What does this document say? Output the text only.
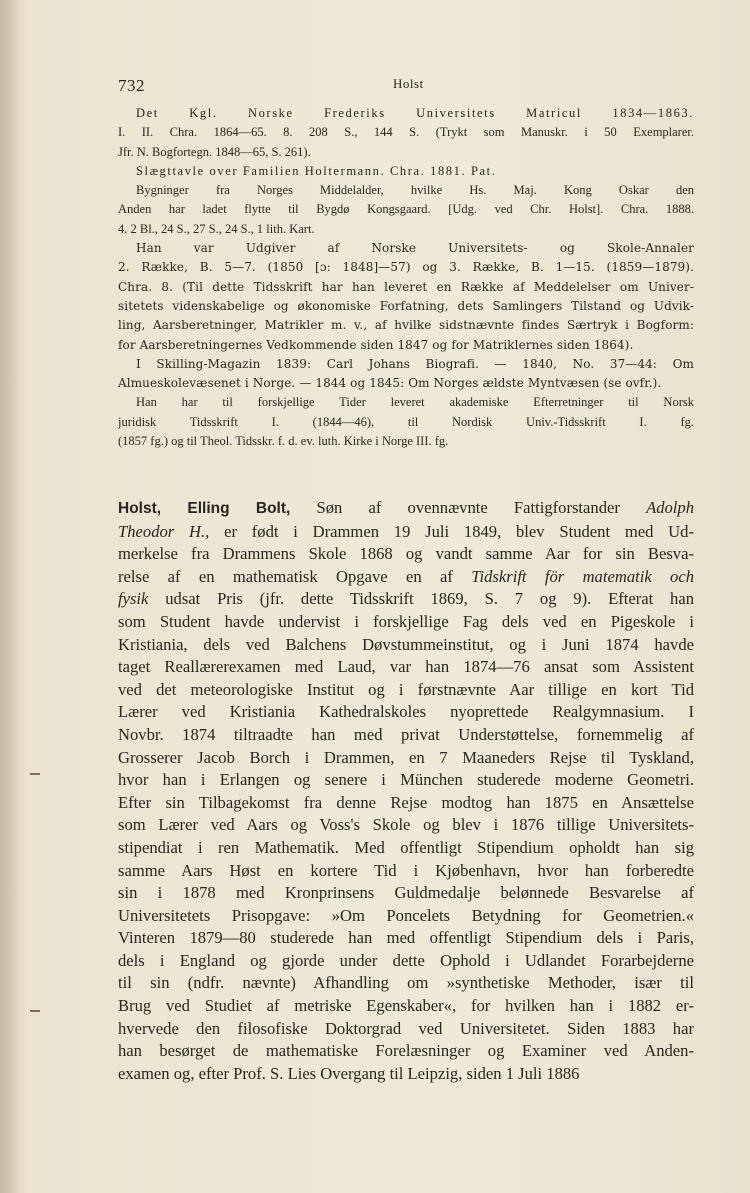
732	Holst
Det Kgl. Norske Frederiks Universitets Matricul 1834—1863.
I. II. Chra. 1864—65. 8. 208 S., 144 S. (Trykt som Manuskr. i 50 Exemplarer.
Jfr. N. Bogfortegn. 1848—65, S. 261).
Slægttavle over Familien Holtermann. Chra. 1881. Pat.
Bygninger fra Norges Middelalder, hvilke Hs. Maj. Kong Oskar den
Anden har ladet flytte til Bygdø Kongsgaard. [Udg. ved Chr. Holst]. Chra. 1888.
4. 2 Bl., 24 S., 27 S., 24 S., 1 lith. Kart.
Han var Udgiver af Norske Universitets- og Skole-Annaler
2. Række, B. 5—7. (1850 [ɔ: 1848]—57) og 3. Række, B. 1—15. (1859—1879).
Chra. 8. (Til dette Tidsskrift har han leveret en Række af Meddelelser om Univer-
sitetets videnskabelige og økonomiske Forfatning, dets Samlingers Tilstand og Udvik-
ling, Aarsberetninger, Matrikler m. v., af hvilke sidstnævnte findes Særtryk i Bogform:
for Aarsberetningernes Vedkommende siden 1847 og for Matriklernes siden 1864).
I Skilling-Magazin 1839: Carl Johans Biografi. — 1840, No. 37—44: Om
Almueskolevæsenet i Norge. — 1844 og 1845: Om Norges ældste Myntvæsen (se ovfr.).
Han har til forskjellige Tider leveret akademiske Efterretninger til Norsk
juridisk Tidsskrift I. (1844—46), til Nordisk Univ.-Tidsskrift I. fg.
(1857 fg.) og til Theol. Tidsskr. f. d. ev. luth. Kirke i Norge III. fg.
Holst, Elling Bolt, Søn af ovennævnte Fattigforstander Adolph
Theodor H., er født i Drammen 19 Juli 1849, blev Student med Ud-
merkelse fra Drammens Skole 1868 og vandt samme Aar for sin Besva-
relse af en mathematisk Opgave en af Tidskrift för matematik och
fysik udsat Pris (jfr. dette Tidsskrift 1869, S. 7 og 9). Efterat han
som Student havde undervist i forskjellige Fag dels ved en Pigeskole i
Kristiania, dels ved Balchens Døvstummeinstitut, og i Juni 1874 havde
taget Reallærerexamen med Laud, var han 1874—76 ansat som Assistent
ved det meteorologiske Institut og i førstnævnte Aar tillige en kort Tid
Lærer ved Kristiania Kathedralskoles nyoprettede Realgymnasium. I
Novbr. 1874 tiltraadte han med privat Understøttelse, fornemmelig af
Grosserer Jacob Borch i Drammen, en 7 Maaneders Rejse til Tyskland,
hvor han i Erlangen og senere i München studerede moderne Geometri.
Efter sin Tilbagekomst fra denne Rejse modtog han 1875 en Ansættelse
som Lærer ved Aars og Voss's Skole og blev i 1876 tillige Universitets-
stipendiat i ren Mathematik. Med offentligt Stipendium opholdt han sig
samme Aars Høst en kortere Tid i Kjøbenhavn, hvor han forberedte
sin i 1878 med Kronprinsens Guldmedalje belønnede Besvarelse af
Universitetets Prisopgave: »Om Poncelets Betydning for Geometrien.«
Vinteren 1879—80 studerede han med offentligt Stipendium dels i Paris,
dels i England og gjorde under dette Ophold i Udlandet Forarbejderne
til sin (ndfr. nævnte) Afhandling om »synthetiske Methoder, især til
Brug ved Studiet af metriske Egenskaber«, for hvilken han i 1882 er-
hvervede den filosofiske Doktorgrad ved Universitetet. Siden 1883 har
han besørget de mathematiske Forelæsninger og Examiner ved Anden-
examen og, efter Prof. S. Lies Overgang til Leipzig, siden 1 Juli 1886
